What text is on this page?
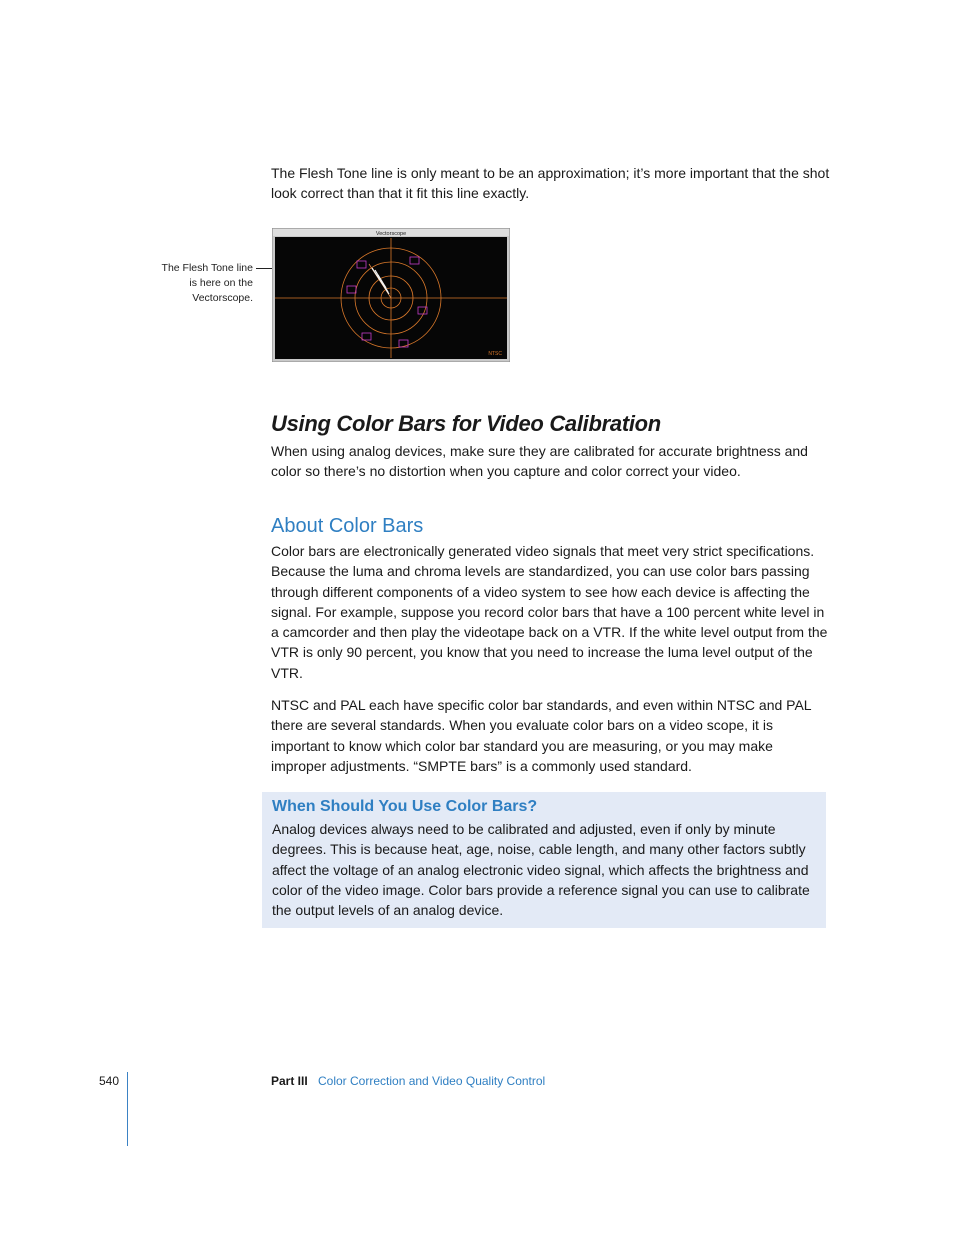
The Flesh Tone line is only meant to be an approximation; it’s more important that the shot look correct than that it fit this line exactly.

The Flesh Tone line is here on the Vectorscope.
Vectorscope
NTSC
Using Color Bars for Video Calibration

When using analog devices, make sure they are calibrated for accurate brightness and color so there’s no distortion when you capture and color correct your video.

About Color Bars

Color bars are electronically generated video signals that meet very strict specifications. Because the luma and chroma levels are standardized, you can use color bars passing through different components of a video system to see how each device is affecting the signal. For example, suppose you record color bars that have a 100 percent white level in a camcorder and then play the videotape back on a VTR. If the white level output from the VTR is only 90 percent, you know that you need to increase the luma level output of the VTR.

NTSC and PAL each have specific color bar standards, and even within NTSC and PAL there are several standards. When you evaluate color bars on a video scope, it is important to know which color bar standard you are measuring, or you may make improper adjustments. “SMPTE bars” is a commonly used standard.

When Should You Use Color Bars?

Analog devices always need to be calibrated and adjusted, even if only by minute degrees. This is because heat, age, noise, cable length, and many other factors subtly affect the voltage of an analog electronic video signal, which affects the brightness and color of the video image. Color bars provide a reference signal you can use to calibrate the output levels of an analog device.

540	Part III Color Correction and Video Quality Control
